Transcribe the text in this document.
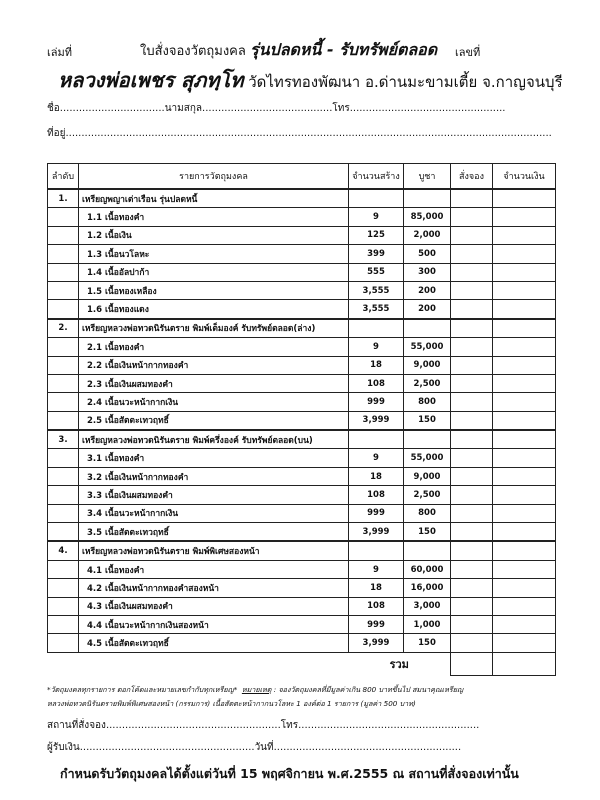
เล่มที่	ใบสั่งจองวัตถุมงคล รุ่นปลดหนี้ - รับทรัพย์ตลอด เลขที่
หลวงพ่อเพชร สุภทฺโท วัดไทรทองพัฒนา อ.ด่านมะขามเตี้ย จ.กาญจนบุรี
ชื่อ.................................นามสกุล.........................................โทร.................................................
ที่อยู่.........................................................................................................................................................
ลำดับ	รายการวัตถุมงคล	จำนวนสร้าง	บูชา	สั่งจอง	จำนวนเงิน
1.	เหรียญพญาเต่าเรือน รุ่นปลดหนี้				
	1.1 เนื้อทองคำ	9	85,000		
	1.2 เนื้อเงิน	125	2,000		
	1.3 เนื้อนวโลหะ	399	500		
	1.4 เนื้ออัลปาก้า	555	300		
	1.5 เนื้อทองเหลือง	3,555	200		
	1.6 เนื้อทองแดง	3,555	200		
2.	เหรียญหลวงพ่อทวดนิรันตราย พิมพ์เต็มองค์ รับทรัพย์ตลอด(ล่าง)				
	2.1 เนื้อทองคำ	9	55,000		
	2.2 เนื้อเงินหน้ากากทองคำ	18	9,000		
	2.3 เนื้อเงินผสมทองคำ	108	2,500		
	2.4 เนื้อนวะหน้ากากเงิน	999	800		
	2.5 เนื้อสัตตะเทวฤทธิ์	3,999	150		
3.	เหรียญหลวงพ่อทวดนิรันตราย พิมพ์ครึ่งองค์ รับทรัพย์ตลอด(บน)				
	3.1 เนื้อทองคำ	9	55,000		
	3.2 เนื้อเงินหน้ากากทองคำ	18	9,000		
	3.3 เนื้อเงินผสมทองคำ	108	2,500		
	3.4 เนื้อนวะหน้ากากเงิน	999	800		
	3.5 เนื้อสัตตะเทวฤทธิ์	3,999	150		
4.	เหรียญหลวงพ่อทวดนิรันตราย พิมพ์พิเศษสองหน้า				
	4.1 เนื้อทองคำ	9	60,000		
	4.2 เนื้อเงินหน้ากากทองคำสองหน้า	18	16,000		
	4.3 เนื้อเงินผสมทองคำ	108	3,000		
	4.4 เนื้อนวะหน้ากากเงินสองหน้า	999	1,000		
	4.5 เนื้อสัตตะเทวฤทธิ์	3,999	150		
		รวม			
*วัตถุมงคลทุกรายการ ตอกโค้ดและหมายเลขกำกับทุกเหรียญ* หมายเหตุ : จองวัตถุมงคลที่มีมูลค่าเกิน 800 บาทขึ้นไป สมนาคุณเหรียญ
หลวงพ่อทวดนิรันตรายพิมพ์พิเศษสองหน้า (กรรมการ) เนื้อสัตตะหน้ากากนวโลหะ 1 องค์ต่อ 1 รายการ (มูลค่า 500 บาท)
สถานที่สั่งจอง.......................................................โทร.........................................................
ผู้รับเงิน.......................................................วันที่...........................................................
กำหนดรับวัตถุมงคลได้ตั้งแต่วันที่ 15 พฤศจิกายน พ.ศ.2555 ณ สถานที่สั่งจองเท่านั้น
